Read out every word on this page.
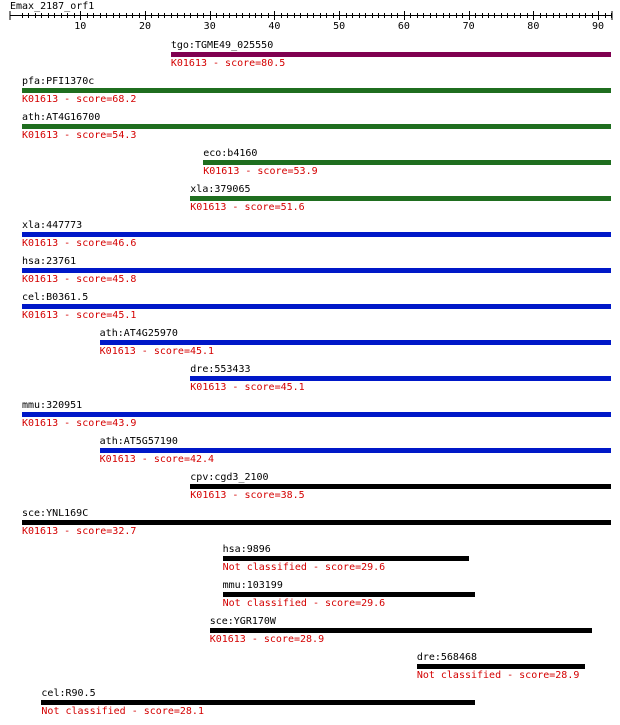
Emax_2187_orf1
10	20	30	40	50	60	70	80	90
tgo:TGME49_025550
K01613 - score=80.5
pfa:PFI1370c
K01613 - score=68.2
ath:AT4G16700
K01613 - score=54.3
eco:b4160
K01613 - score=53.9
xla:379065
K01613 - score=51.6
xla:447773
K01613 - score=46.6
hsa:23761
K01613 - score=45.8
cel:B0361.5
K01613 - score=45.1
ath:AT4G25970
K01613 - score=45.1
dre:553433
K01613 - score=45.1
mmu:320951
K01613 - score=43.9
ath:AT5G57190
K01613 - score=42.4
cpv:cgd3_2100
K01613 - score=38.5
sce:YNL169C
K01613 - score=32.7
hsa:9896
Not classified - score=29.6
mmu:103199
Not classified - score=29.6
sce:YGR170W
K01613 - score=28.9
dre:568468
Not classified - score=28.9
cel:R90.5
Not classified - score=28.1
